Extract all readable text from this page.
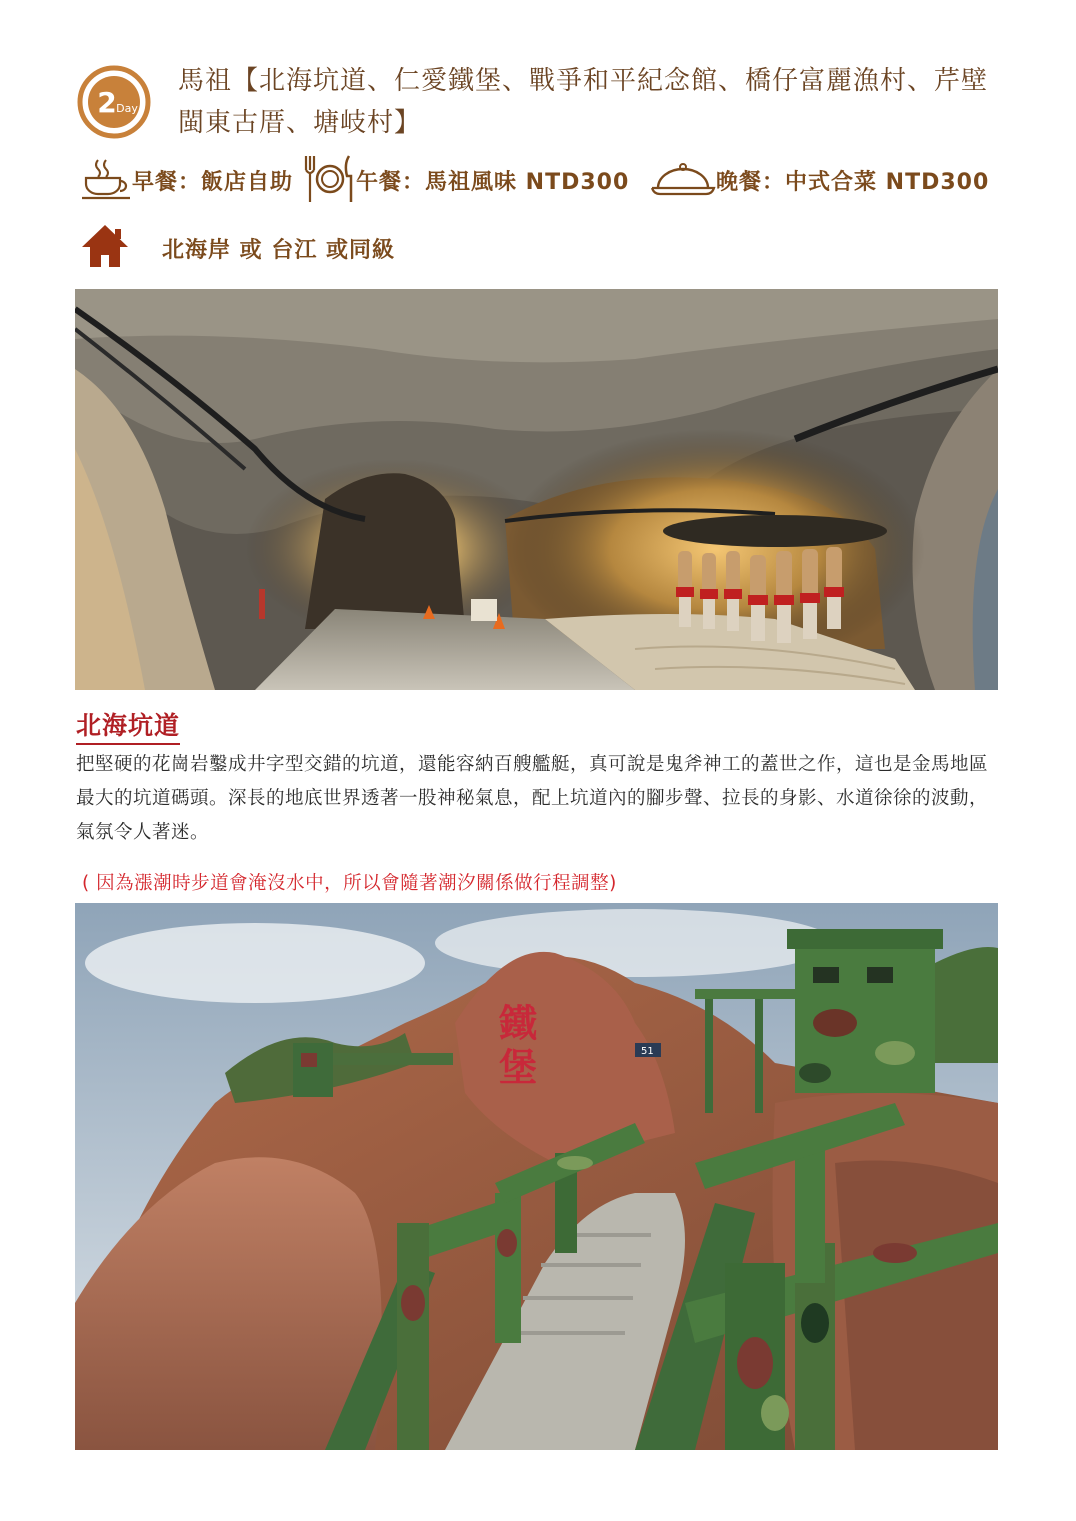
2 Day
馬祖【北海坑道、仁愛鐵堡、戰爭和平紀念館、橋仔富麗漁村、芹壁閩東古厝、塘岐村】
早餐：飯店自助	午餐：馬祖風味 NTD300	晚餐：中式合菜 NTD300
北海岸 或 台江 或同級
北海坑道
把堅硬的花崗岩鑿成井字型交錯的坑道，還能容納百艘艦艇，真可說是鬼斧神工的蓋世之作，這也是金馬地區最大的坑道碼頭。深長的地底世界透著一股神秘氣息，配上坑道內的腳步聲、拉長的身影、水道徐徐的波動，氣氛令人著迷。
( 因為漲潮時步道會淹沒水中，所以會隨著潮汐關係做行程調整)
鐵堡	51
